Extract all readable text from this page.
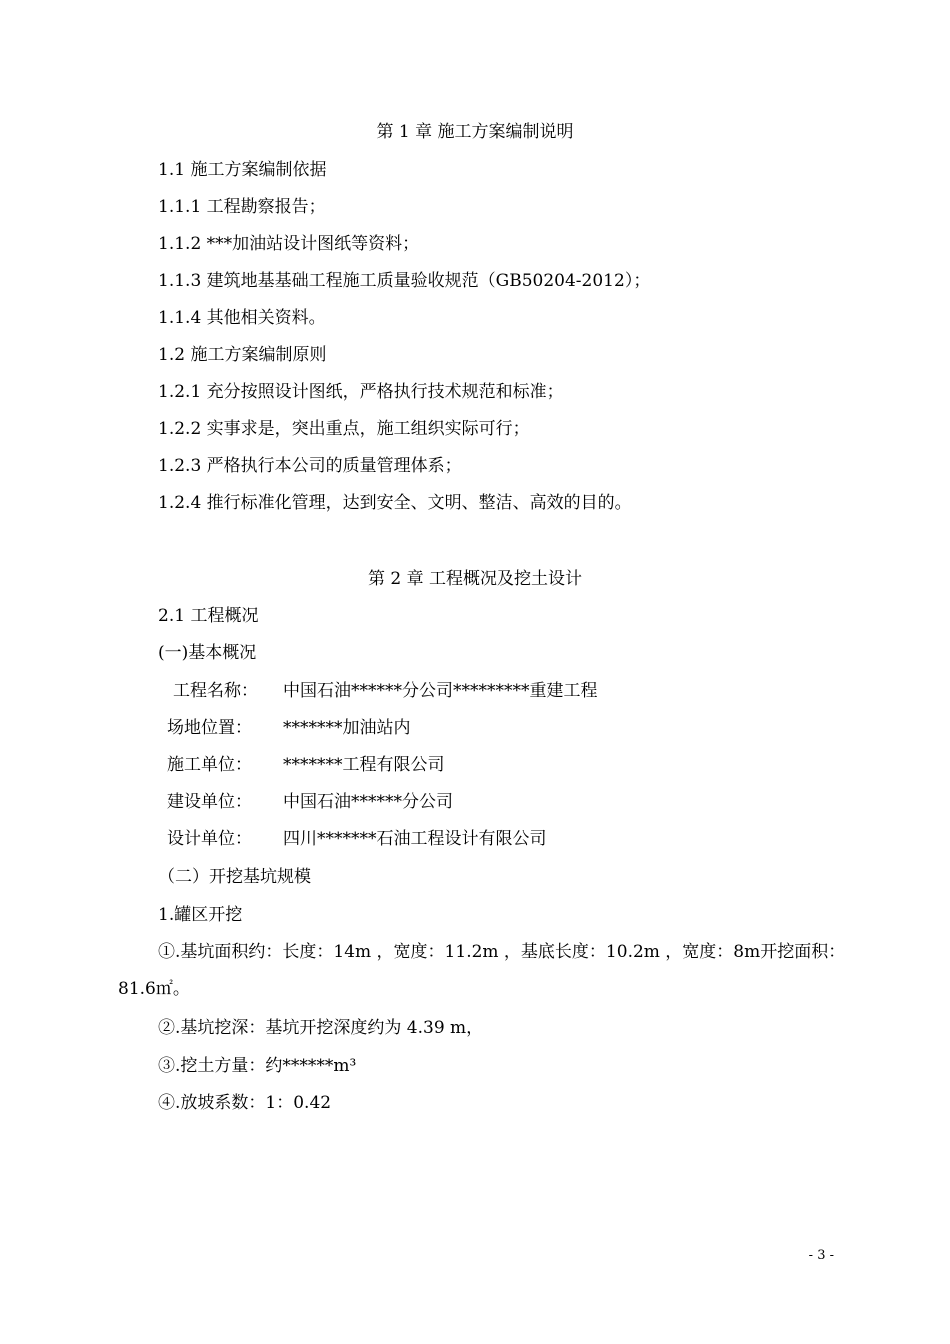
第 1 章 施工方案编制说明
1.1 施工方案编制依据
1.1.1 工程勘察报告；
1.1.2 ***加油站设计图纸等资料；
1.1.3 建筑地基基础工程施工质量验收规范（GB50204-2012）；
1.1.4 其他相关资料。
1.2 施工方案编制原则
1.2.1 充分按照设计图纸，严格执行技术规范和标准；
1.2.2 实事求是，突出重点，施工组织实际可行；
1.2.3 严格执行本公司的质量管理体系；
1.2.4 推行标准化管理，达到安全、文明、整洁、高效的目的。
第 2 章 工程概况及挖土设计
2.1 工程概况
(一)基本概况
工程名称： 中国石油******分公司*********重建工程
场地位置： *******加油站内
施工单位： *******工程有限公司
建设单位： 中国石油******分公司
设计单位： 四川*******石油工程设计有限公司
（二）开挖基坑规模
1.罐区开挖
①.基坑面积约：长度：14m ，宽度：11.2m ，基底长度：10.2m ，宽度：8m开挖面积：81.6㎡。
②.基坑挖深：基坑开挖深度约为 4.39 m，
③.挖土方量：约******m³
④.放坡系数：1：0.42
- 3 -
